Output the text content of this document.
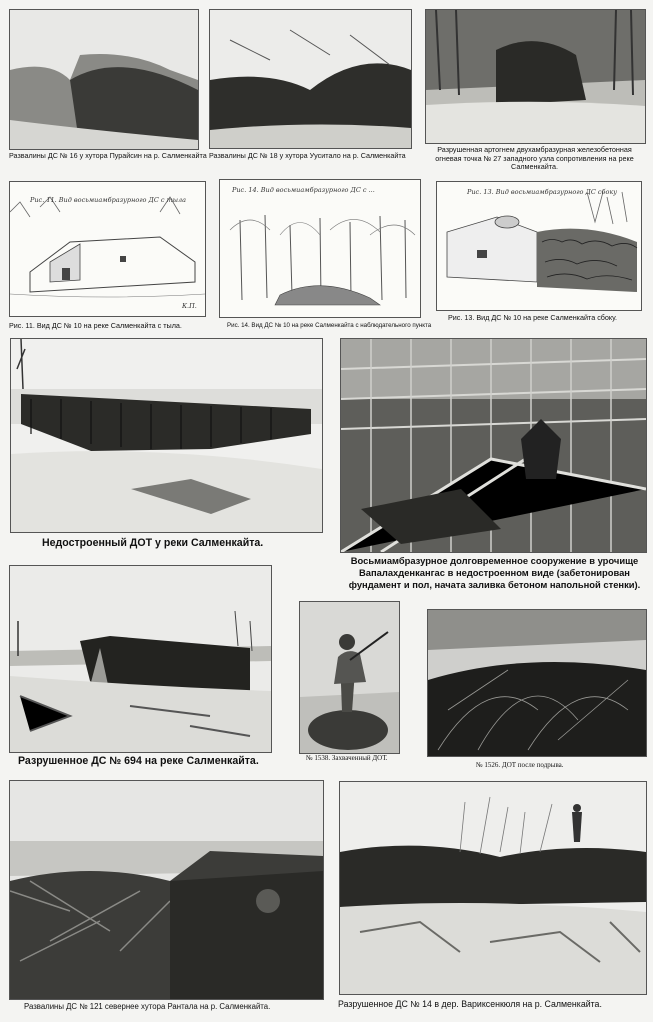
Развалины ДС № 16 у хутора Пурайсин на р. Салменкайта Развалины ДС № 18 у хутора Ууситало на р. Салменкайта
Разрушенная артогнем двухамбразурная железобетонная огневая точка № 27 западного узла сопротивления на реке Салменкайта.
Рис. 11. Вид восьмиамбразурного ДС с тыла
К.П.
Рис. 11. Вид ДС № 10 на реке Салменкайта с тыла.
Рис. 14. Вид восьмиамбразурного ДС с ...
Рис. 14. Вид ДС № 10 на реке Салменкайта с наблюдательного пункта
Рис. 13. Вид восьмиамбразурного ДС сбоку
Рис. 13. Вид ДС № 10 на реке Салменкайта сбоку.
Недостроенный ДОТ у реки Салменкайта.
Восьмиамбразурное долговременное сооружение в урочище Вапалахденкангас в недостроенном виде (забетонирован фундамент и пол, начата заливка бетоном напольной стенки).
Разрушенное ДС № 694 на реке Салменкайта.	№ 1538. Захваченный ДОТ.
№ 1526. ДОТ после подрыва.
Развалины ДС № 121 севернее хутора Рантала на р. Салменкайта.	Разрушенное ДС № 14 в дер. Вариксенкюля на р. Салменкайта.
